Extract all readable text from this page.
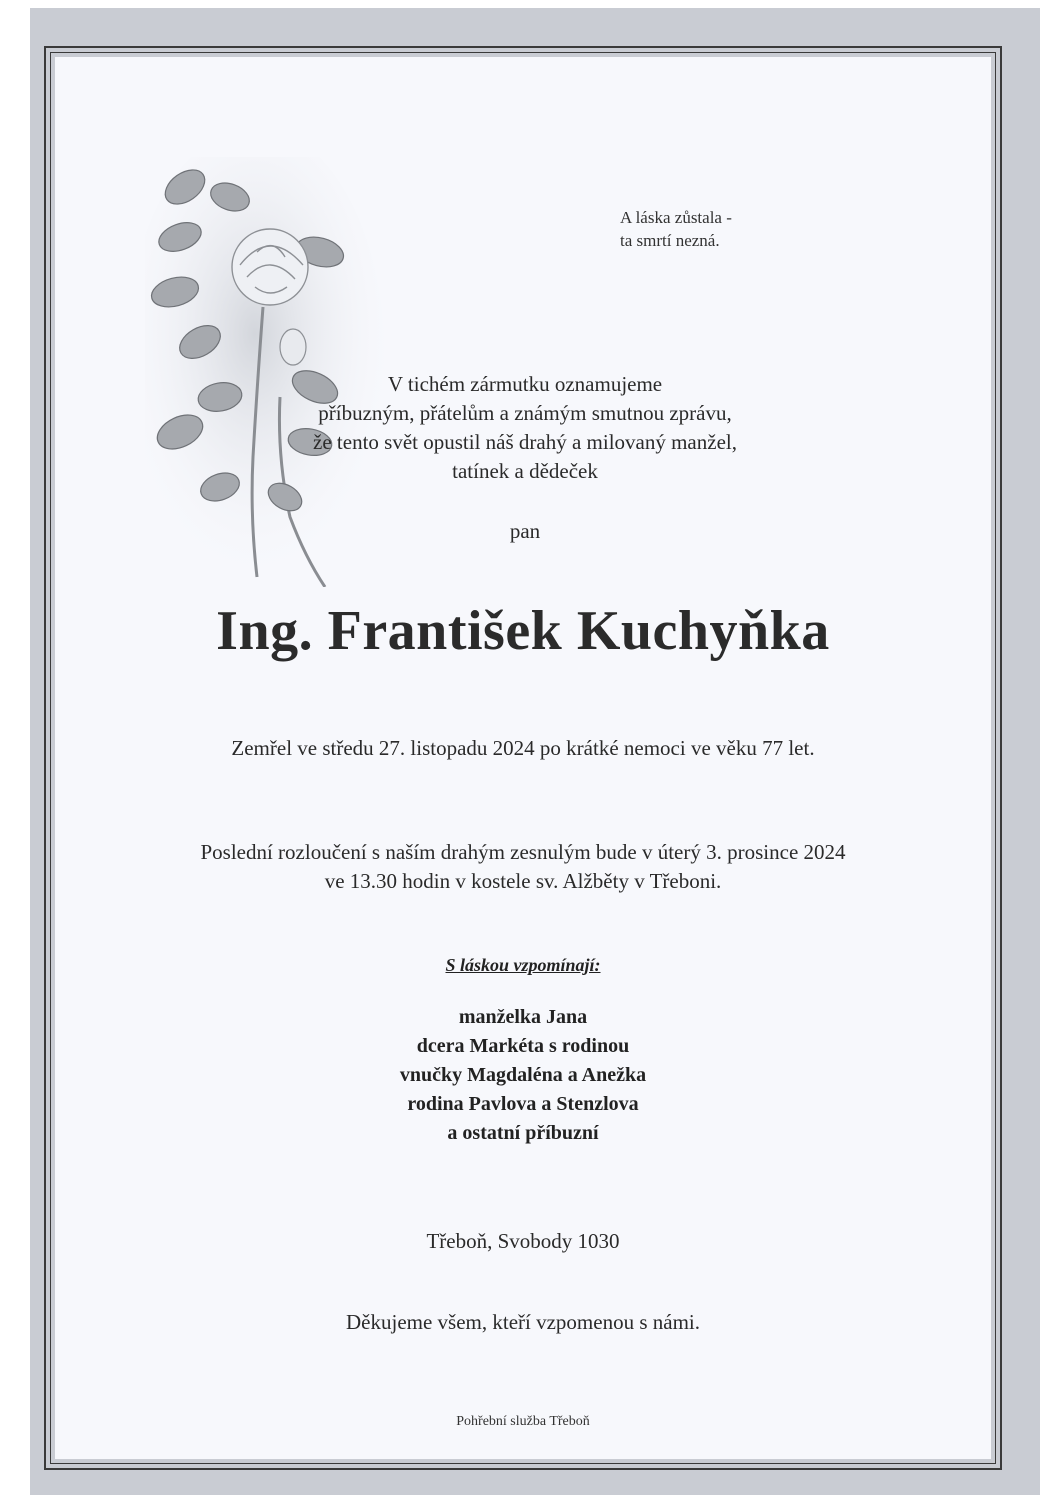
A láska zůstala -
ta smrtí nezná.
V tichém zármutku oznamujeme
příbuzným, přátelům a známým smutnou zprávu,
že tento svět opustil náš drahý a milovaný manžel,
tatínek a dědeček
pan
Ing. František Kuchyňka
Zemřel ve středu 27. listopadu 2024 po krátké nemoci ve věku 77 let.
Poslední rozloučení s naším drahým zesnulým bude v úterý 3. prosince 2024
ve 13.30 hodin v kostele sv. Alžběty v Třeboni.
S láskou vzpomínají:
manželka Jana
dcera Markéta s rodinou
vnučky Magdaléna a Anežka
rodina Pavlova a Stenzlova
a ostatní příbuzní
Třeboň, Svobody 1030
Děkujeme všem, kteří vzpomenou s námi.
Pohřební služba Třeboň
